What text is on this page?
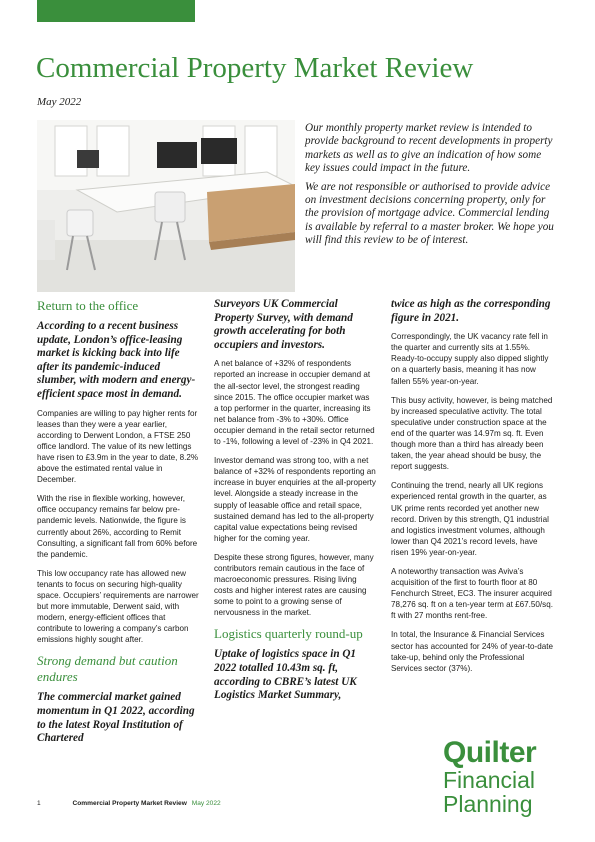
Commercial Property Market Review
May 2022

Our monthly property market review is intended to provide background to recent developments in property markets as well as to give an indication of how some key issues could impact in the future.

We are not responsible or authorised to provide advice on investment decisions concerning property, only for the provision of mortgage advice. Commercial lending is available by referral to a master broker. We hope you will find this review to be of interest.

Return to the office
According to a recent business update, London’s office-leasing market is kicking back into life after its pandemic-induced slumber, with modern and energy-efficient space most in demand.

Companies are willing to pay higher rents for leases than they were a year earlier, according to Derwent London, a FTSE 250 office landlord. The value of its new lettings have risen to £3.9m in the year to date, 8.2% above the estimated rental value in December.

With the rise in flexible working, however, office occupancy remains far below pre-pandemic levels. Nationwide, the figure is currently about 26%, according to Remit Consulting, a significant fall from 60% before the pandemic.

This low occupancy rate has allowed new tenants to focus on securing high-quality space. Occupiers’ requirements are narrower but more immutable, Derwent said, with modern, energy-efficient offices that contribute to lowering a company’s carbon emissions highly sought after.

Strong demand but caution endures
The commercial market gained momentum in Q1 2022, according to the latest Royal Institution of Chartered
Surveyors UK Commercial Property Survey, with demand growth accelerating for both occupiers and investors.

A net balance of +32% of respondents reported an increase in occupier demand at the all-sector level, the strongest reading since 2015. The office occupier market was a top performer in the quarter, increasing its net balance from -3% to +30%. Office occupier demand in the retail sector returned to -1%, following a level of -23% in Q4 2021.

Investor demand was strong too, with a net balance of +32% of respondents reporting an increase in buyer enquiries at the all-property level. Alongside a steady increase in the supply of leasable office and retail space, sustained demand has led to the all-property capital value expectations being revised higher for the coming year.

Despite these strong figures, however, many contributors remain cautious in the face of macroeconomic pressures. Rising living costs and higher interest rates are causing some to point to a growing sense of nervousness in the market.

Logistics quarterly round-up
Uptake of logistics space in Q1 2022 totalled 10.43m sq. ft, according to CBRE’s latest UK Logistics Market Summary,
twice as high as the corresponding figure in 2021.

Correspondingly, the UK vacancy rate fell in the quarter and currently sits at 1.55%. Ready-to-occupy supply also dipped slightly on a quarterly basis, meaning it has now fallen 55% year-on-year.

This busy activity, however, is being matched by increased speculative activity. The total speculative under construction space at the end of the quarter was 14.97m sq. ft. Even though more than a third has already been taken, the year ahead should be busy, the report suggests.

Continuing the trend, nearly all UK regions experienced rental growth in the quarter, as UK prime rents recorded yet another new record. Driven by this strength, Q1 industrial and logistics investment volumes, although lower than Q4 2021’s record levels, have risen 19% year-on-year.

A noteworthy transaction was Aviva’s acquisition of the first to fourth floor at 80 Fenchurch Street, EC3. The insurer acquired 78,276 sq. ft on a ten-year term at £67.50/sq. ft with 27 months rent-free.

In total, the Insurance & Financial Services sector has accounted for 24% of year-to-date take-up, behind only the Professional Services sector (37%).

Quilter
Financial
Planning
1	Commercial Property Market Review May 2022
